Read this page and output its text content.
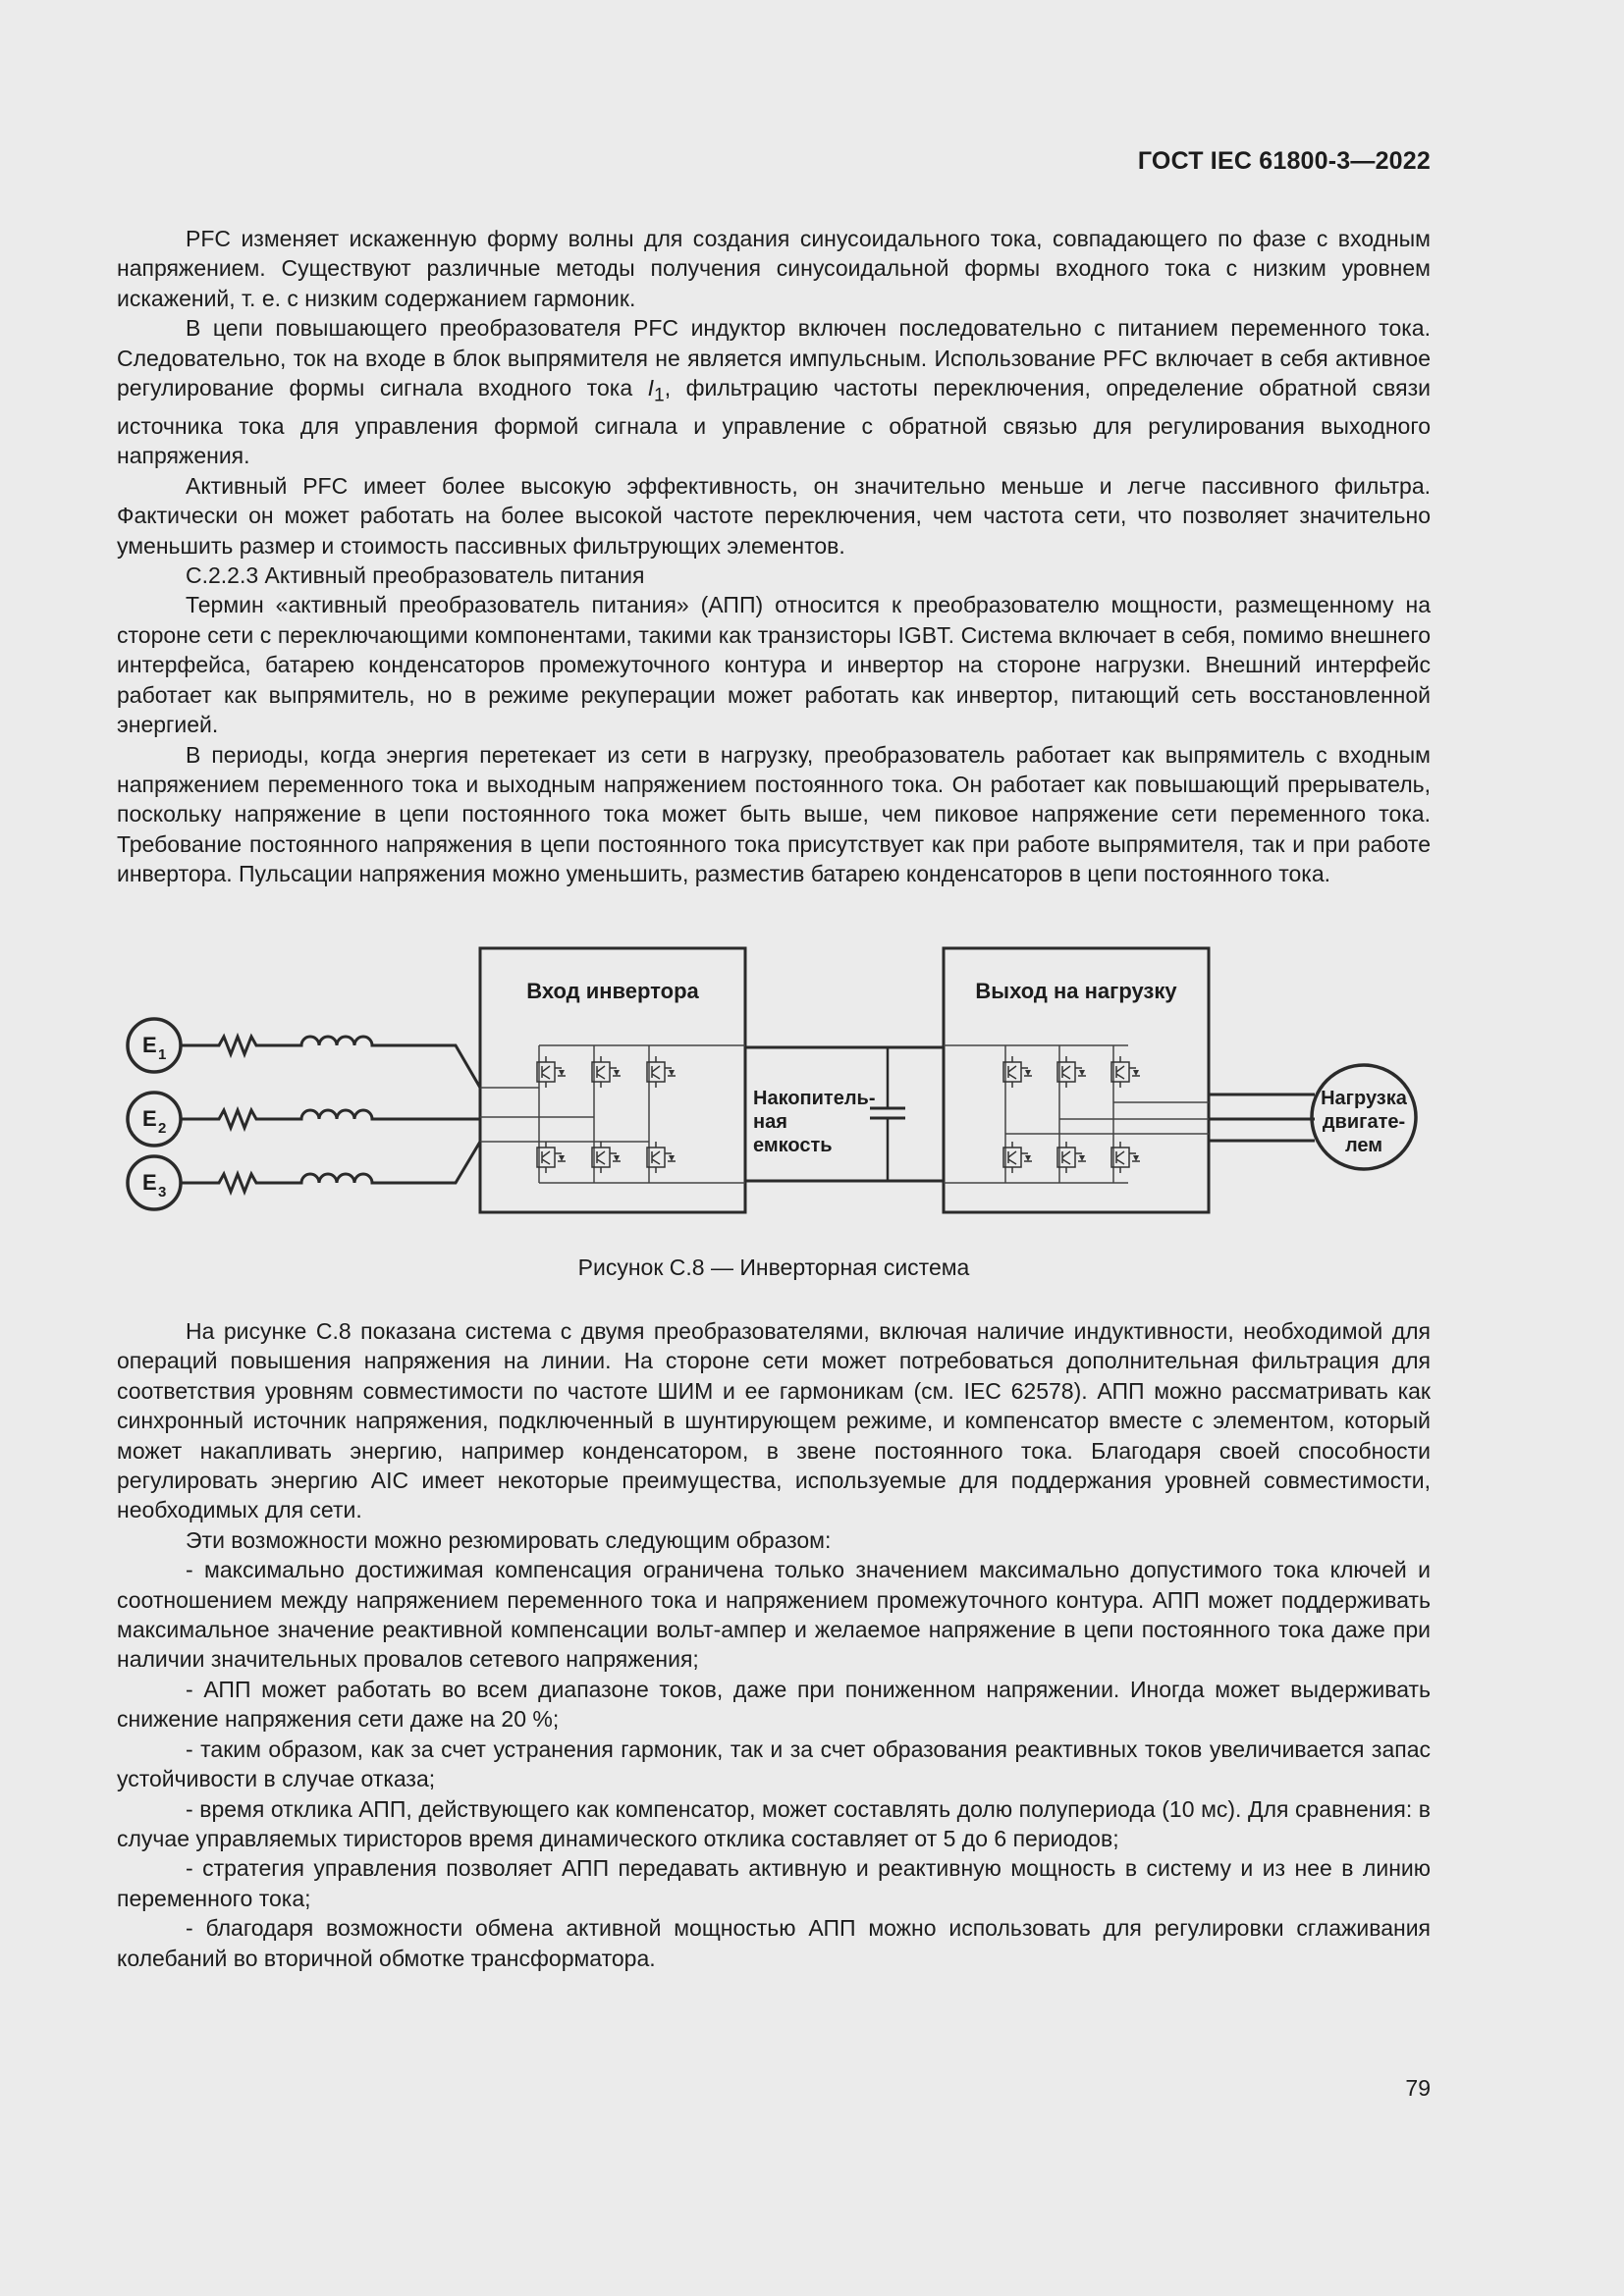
ГОСТ IEC 61800-3—2022

PFC изменяет искаженную форму волны для создания синусоидального тока, совпадающего по фазе с входным напряжением. Существуют различные методы получения синусоидальной формы входного тока с низким уровнем искажений, т. е. с низким содержанием гармоник.

В цепи повышающего преобразователя PFC индуктор включен последовательно с питанием переменного тока. Следовательно, ток на входе в блок выпрямителя не является импульсным. Использование PFC включает в себя активное регулирование формы сигнала входного тока $I_1$, фильтрацию частоты переключения, определение обратной связи источника тока для управления формой сигнала и управление с обратной связью для регулирования выходного напряжения.

Активный PFC имеет более высокую эффективность, он значительно меньше и легче пассивного фильтра. Фактически он может работать на более высокой частоте переключения, чем частота сети, что позволяет значительно уменьшить размер и стоимость пассивных фильтрующих элементов.

С.2.2.3 Активный преобразователь питания

Термин «активный преобразователь питания» (АПП) относится к преобразователю мощности, размещенному на стороне сети с переключающими компонентами, такими как транзисторы IGBT. Система включает в себя, помимо внешнего интерфейса, батарею конденсаторов промежуточного контура и инвертор на стороне нагрузки. Внешний интерфейс работает как выпрямитель, но в режиме рекуперации может работать как инвертор, питающий сеть восстановленной энергией.

В периоды, когда энергия перетекает из сети в нагрузку, преобразователь работает как выпрямитель с входным напряжением переменного тока и выходным напряжением постоянного тока. Он работает как повышающий прерыватель, поскольку напряжение в цепи постоянного тока может быть выше, чем пиковое напряжение сети переменного тока. Требование постоянного напряжения в цепи постоянного тока присутствует как при работе выпрямителя, так и при работе инвертора. Пульсации напряжения можно уменьшить, разместив батарею конденсаторов в цепи постоянного тока.

Вход инвертора	Выход на нагрузку
Накопитель-
ная
емкость
Нагрузка
двигате-
лем
E 1
E 2
E 3
Рисунок С.8 — Инверторная система

На рисунке С.8 показана система с двумя преобразователями, включая наличие индуктивности, необходимой для операций повышения напряжения на линии. На стороне сети может потребоваться дополнительная фильтрация для соответствия уровням совместимости по частоте ШИМ и ее гармоникам (см. IEC 62578). АПП можно рассматривать как синхронный источник напряжения, подключенный в шунтирующем режиме, и компенсатор вместе с элементом, который может накапливать энергию, например конденсатором, в звене постоянного тока. Благодаря своей способности регулировать энергию AIC имеет некоторые преимущества, используемые для поддержания уровней совместимости, необходимых для сети.

Эти возможности можно резюмировать следующим образом:

- максимально достижимая компенсация ограничена только значением максимально допустимого тока ключей и соотношением между напряжением переменного тока и напряжением промежуточного контура. АПП может поддерживать максимальное значение реактивной компенсации вольт-ампер и желаемое напряжение в цепи постоянного тока даже при наличии значительных провалов сетевого напряжения;

- АПП может работать во всем диапазоне токов, даже при пониженном напряжении. Иногда может выдерживать снижение напряжения сети даже на 20 %;

- таким образом, как за счет устранения гармоник, так и за счет образования реактивных токов увеличивается запас устойчивости в случае отказа;

- время отклика АПП, действующего как компенсатор, может составлять долю полупериода (10 мс). Для сравнения: в случае управляемых тиристоров время динамического отклика составляет от 5 до 6 периодов;

- стратегия управления позволяет АПП передавать активную и реактивную мощность в систему и из нее в линию переменного тока;

- благодаря возможности обмена активной мощностью АПП можно использовать для регулировки сглаживания колебаний во вторичной обмотке трансформатора.

79
